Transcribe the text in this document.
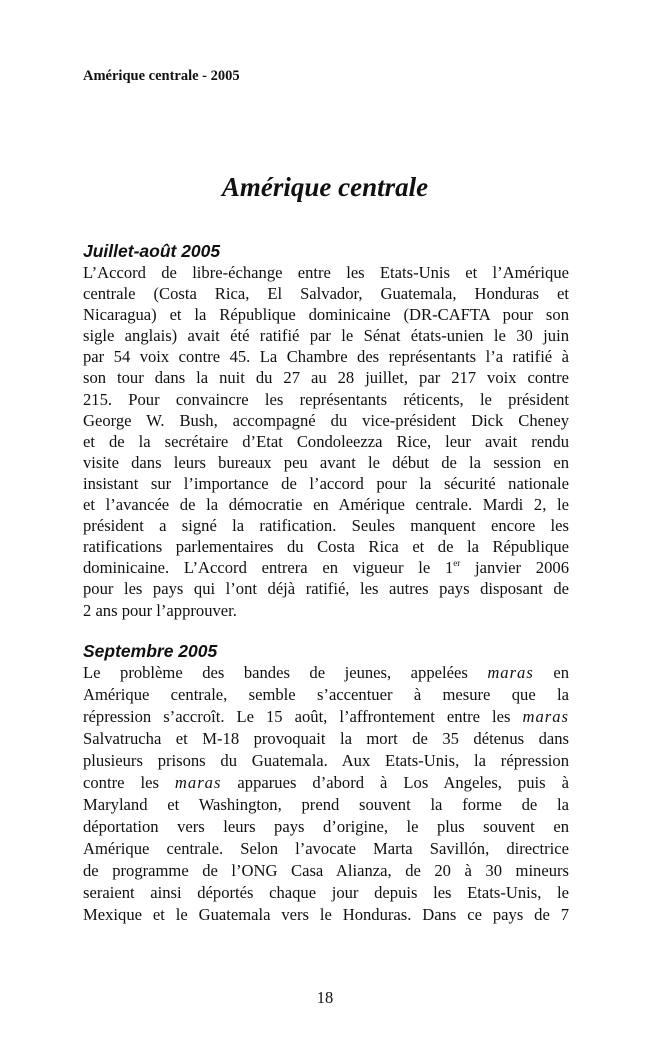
Amérique centrale - 2005
Amérique centrale
Juillet-août 2005
L’Accord de libre-échange entre les Etats-Unis et l’Amérique
centrale (Costa Rica, El Salvador, Guatemala, Honduras et
Nicaragua) et la République dominicaine (DR-CAFTA pour son
sigle anglais) avait été ratifié par le Sénat états-unien le 30 juin
par 54 voix contre 45. La Chambre des représentants l’a ratifié à
son tour dans la nuit du 27 au 28 juillet, par 217 voix contre
215. Pour convaincre les représentants réticents, le président
George W. Bush, accompagné du vice-président Dick Cheney
et de la secrétaire d’Etat Condoleezza Rice, leur avait rendu
visite dans leurs bureaux peu avant le début de la session en
insistant sur l’importance de l’accord pour la sécurité nationale
et l’avancée de la démocratie en Amérique centrale. Mardi 2, le
président a signé la ratification. Seules manquent encore les
ratifications parlementaires du Costa Rica et de la République
dominicaine. L’Accord entrera en vigueur le 1er janvier 2006
pour les pays qui l’ont déjà ratifié, les autres pays disposant de
2 ans pour l’approuver.
Septembre 2005
Le problème des bandes de jeunes, appelées maras en
Amérique centrale, semble s’accentuer à mesure que la
répression s’accroît. Le 15 août, l’affrontement entre les maras
Salvatrucha et M-18 provoquait la mort de 35 détenus dans
plusieurs prisons du Guatemala. Aux Etats-Unis, la répression
contre les maras apparues d’abord à Los Angeles, puis à
Maryland et Washington, prend souvent la forme de la
déportation vers leurs pays d’origine, le plus souvent en
Amérique centrale. Selon l’avocate Marta Savillón, directrice
de programme de l’ONG Casa Alianza, de 20 à 30 mineurs
seraient ainsi déportés chaque jour depuis les Etats-Unis, le
Mexique et le Guatemala vers le Honduras. Dans ce pays de 7
18
